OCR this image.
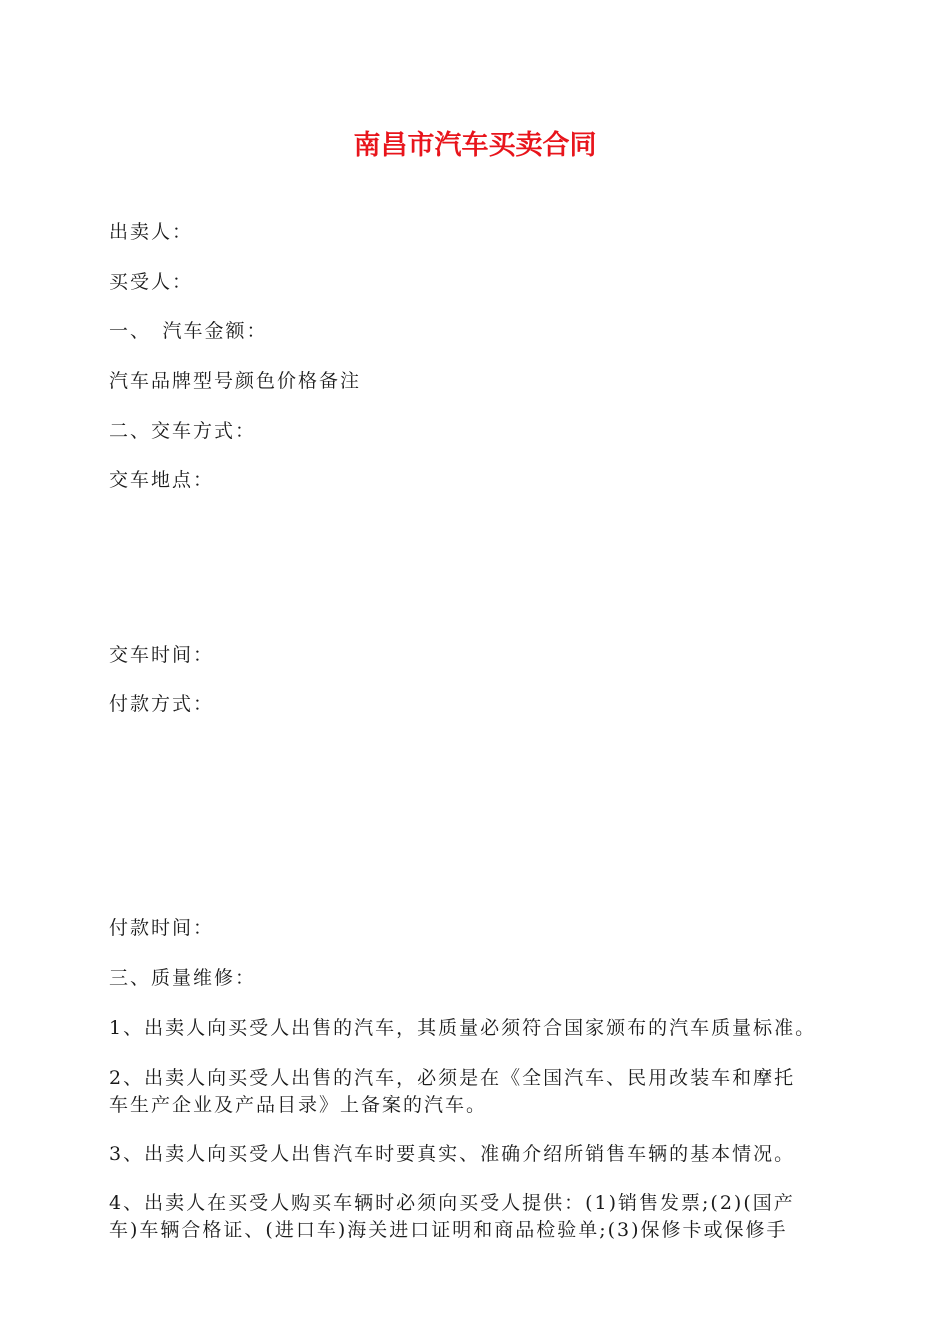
南昌市汽车买卖合同
出卖人：
买受人：
一、　汽车金额：
汽车品牌型号颜色价格备注
二、交车方式：
交车地点：
交车时间：
付款方式：
付款时间：
三、质量维修：
1、出卖人向买受人出售的汽车，其质量必须符合国家颁布的汽车质量标准。
2、出卖人向买受人出售的汽车，必须是在《全国汽车、民用改装车和摩托
车生产企业及产品目录》上备案的汽车。
3、出卖人向买受人出售汽车时要真实、准确介绍所销售车辆的基本情况。
4、出卖人在买受人购买车辆时必须向买受人提供：(1)销售发票;(2)(国产
车)车辆合格证、(进口车)海关进口证明和商品检验单;(3)保修卡或保修手
